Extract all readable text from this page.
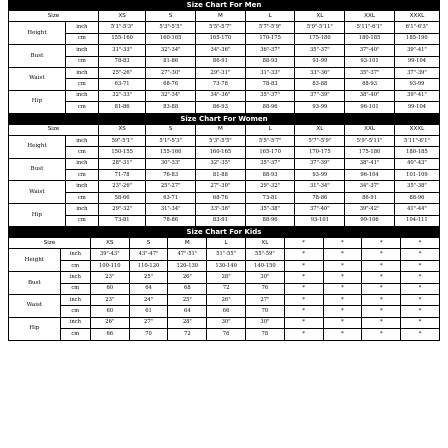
Size Chart For Men
Size		XS	S	M	L	XL	XXL	XXXL
Height	inch	5'1"-5'3"	5'3"-5'5"	5'5"-5'7"	5'7"-5'9"	5'9"-5'11"	5'11"-6'1"	6'1"-6'3"
	cm	155-160	160-165	165-170	170-175	175-180	180-185	185-190
Bust	inch	31"-33"	32"-34"	34"-36"	36"-37"	35"-37"	37"-40"	39"-41"
	cm	78-83	81-86	86-91	88-93	91-99	93-101	99-104
Waist	inch	25"-26"	27"-30"	29"-31"	31"-33"	33"-36"	35"-37"	37"-39"
	cm	63-71	68-76	73-78	78-83	83-88	88-93	93-99
Hip	inch	32"-33"	32"-34"	34"-36"	35"-37"	37"-39"	38"-40"	39"-41"
	cm	81-86	83-88	86-93	88-96	93-99	96-101	99-104
Size Chart For Women
Size		XS	S	M	L	XL	XXL	XXXL
Height	inch	59"-5'1"	5'1"-5'3"	5'3"-5'5"	5'5"-5'7"	5'7"-5'9"	5'9"-5'11"	5'11"-6'1"
	cm	150-155	155-160	160-165	165-170	170-175	175-180	180-185
Bust	inch	28"-31"	30"-33"	32"-35"	35"-37"	37"-39"	38"-41"	40"-43"
	cm	71-78	76-83	81-88	88-93	93-99	96-104	101-109
Waist	inch	23"-26"	25"-27"	27"-30"	29"-32"	31"-34"	34"-37"	35"-38"
	cm	58-66	63-71	68-76	73-81	78-86	86-91	88-96
Hip	inch	29"-32"	31"-34"	33"-36"	35"-38"	37"-40"	39"-42"	41"-44"
	cm	73-81	78-86	83-91	88-96	93-101	99-106	104-111
Size Chart For Kids
Size		XS	S	M	L	XL	*	*	*	*
Height	inch	39"-43"	43"-47"	47"-51"	51"-55"	55"-59"	*	*	*	*
	cm	100-110	110-120	120-130	130-140	140-150	*	*	*	*
Bust	inch	23"	25"	26"	28"	30"	*	*	*	*
	cm	60	64	68	72	76	*	*	*	*
Waist	inch	23"	24"	25"	26"	27"	*	*	*	*
	cm	60	61	64	66	70	*	*	*	*
Hip	inch	26"	27"	28"	30"	30"	*	*	*	*
	cm	66	70	72	76	78	*	*	*	*
